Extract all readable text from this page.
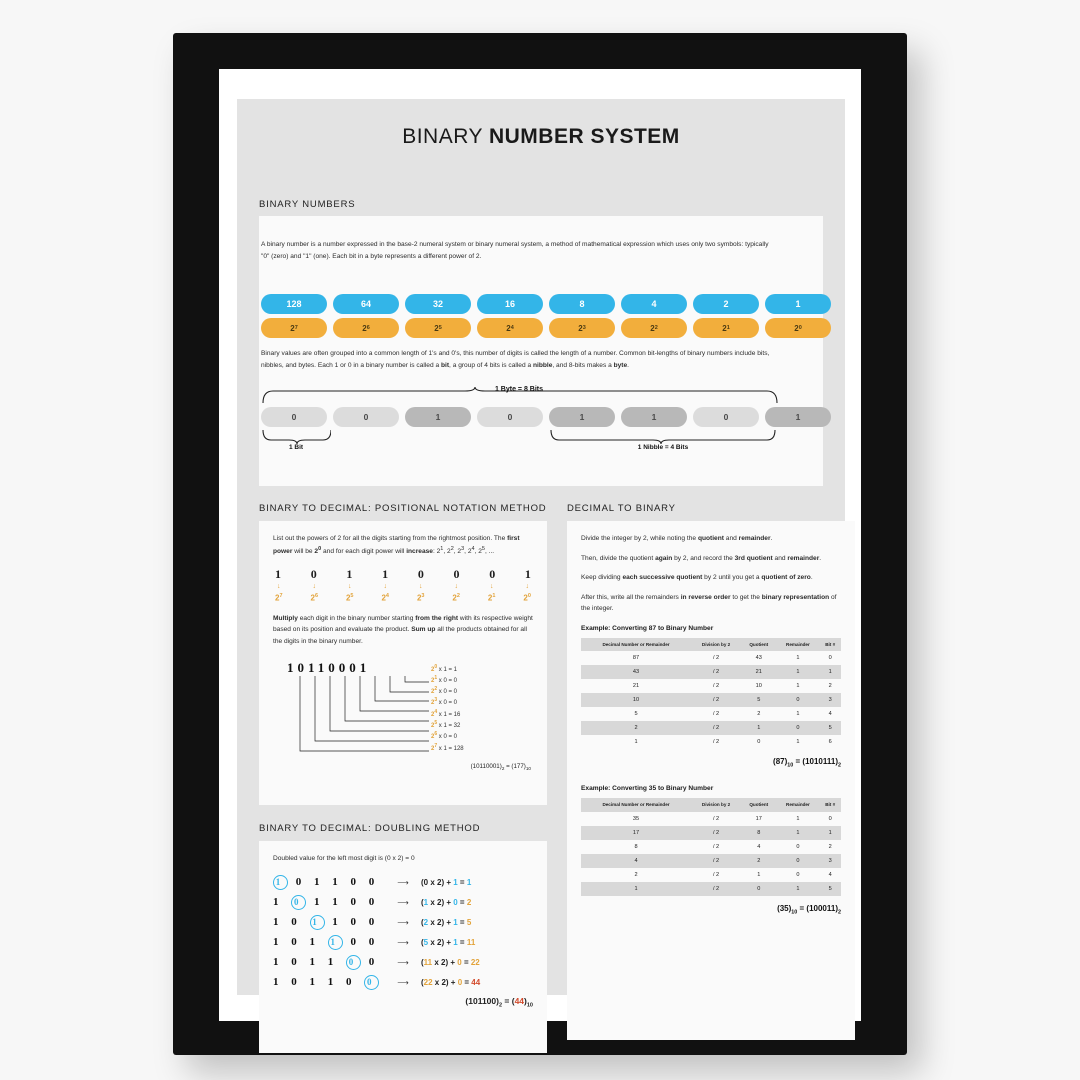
BINARY NUMBER SYSTEM
BINARY NUMBERS
A binary number is a number expressed in the base-2 numeral system or binary numeral system, a method of mathematical expression which uses only two symbols: typically "0" (zero) and "1" (one). Each bit in a byte represents a different power of 2.
128	64	32	16	8	4	2	1
2 7	2 6	2 5	2 4	2 3	2 2	2 1	2 0
Binary values are often grouped into a common length of 1's and 0's, this number of digits is called the length of a number. Common bit-lengths of binary numbers include bits, nibbles, and bytes. Each 1 or 0 in a binary number is called a bit, a group of 4 bits is called a nibble, and 8-bits makes a byte.
1 Byte = 8 Bits
0	0	1	0	1	1	0	1
1 Bit	1 Nibble = 4 Bits
BINARY TO DECIMAL: POSITIONAL NOTATION METHOD
List out the powers of 2 for all the digits starting from the rightmost position. The first power will be $2^0$ and for each digit power will increase: $2^1$, $2^2$, $2^3$, $2^4$, $2^5$, ...
1 0 1 1 0 0 0 1
↓	↓	↓	↓	↓	↓	↓	↓
$2^7$	$2^6$	$2^5$	$2^4$	$2^3$	$2^2$	$2^1$	$2^0$
Multiply each digit in the binary number starting from the right with its respective weight based on its position and evaluate the product. Sum up all the products obtained for all the digits in the binary number.
10110001	$2^0$ x 1 = 1
$2^1$ x 0 = 0
$2^2$ x 0 = 0
$2^3$ x 0 = 0
$2^4$ x 1 = 16
$2^5$ x 1 = 32
$2^6$ x 0 = 0
$2^7$ x 1 = 128
$(10110001)_2 = (177)_{10}$
BINARY TO DECIMAL: DOUBLING METHOD
Doubled value for the left most digit is (0 x 2) = 0
1 0 1 1 0 0	⟶	(0 x 2) + 1 = 1
1 0 1 1 0 0	⟶	(1 x 2) + 0 = 2
1 0 1 1 0 0	⟶	(2 x 2) + 1 = 5
1 0 1 1 0 0	⟶	(5 x 2) + 1 = 11
1 0 1 1 0 0	⟶	(11 x 2) + 0 = 22
1 0 1 1 0 0	⟶	(22 x 2) + 0 = 44
$(101100)_2 = (44)_{10}$
DECIMAL TO BINARY
Divide the integer by 2, while noting the quotient and remainder.
Then, divide the quotient again by 2, and record the 3rd quotient and remainder.
Keep dividing each successive quotient by 2 until you get a quotient of zero.
After this, write all the remainders in reverse order to get the binary representation of the integer.
Example: Converting 87 to Binary Number
Decimal Number or Remainder	Division by 2	Quotient	Remainder	Bit #
87	/ 2	43	1	0
43	/ 2	21	1	1
21	/ 2	10	1	2
10	/ 2	5	0	3
5	/ 2	2	1	4
2	/ 2	1	0	5
1	/ 2	0	1	6
$(87)_{10} = (1010111)_2$
Example: Converting 35 to Binary Number
Decimal Number or Remainder	Division by 2	Quotient	Remainder	Bit #
35	/ 2	17	1	0
17	/ 2	8	1	1
8	/ 2	4	0	2
4	/ 2	2	0	3
2	/ 2	1	0	4
1	/ 2	0	1	5
$(35)_{10} = (100011)_2$
